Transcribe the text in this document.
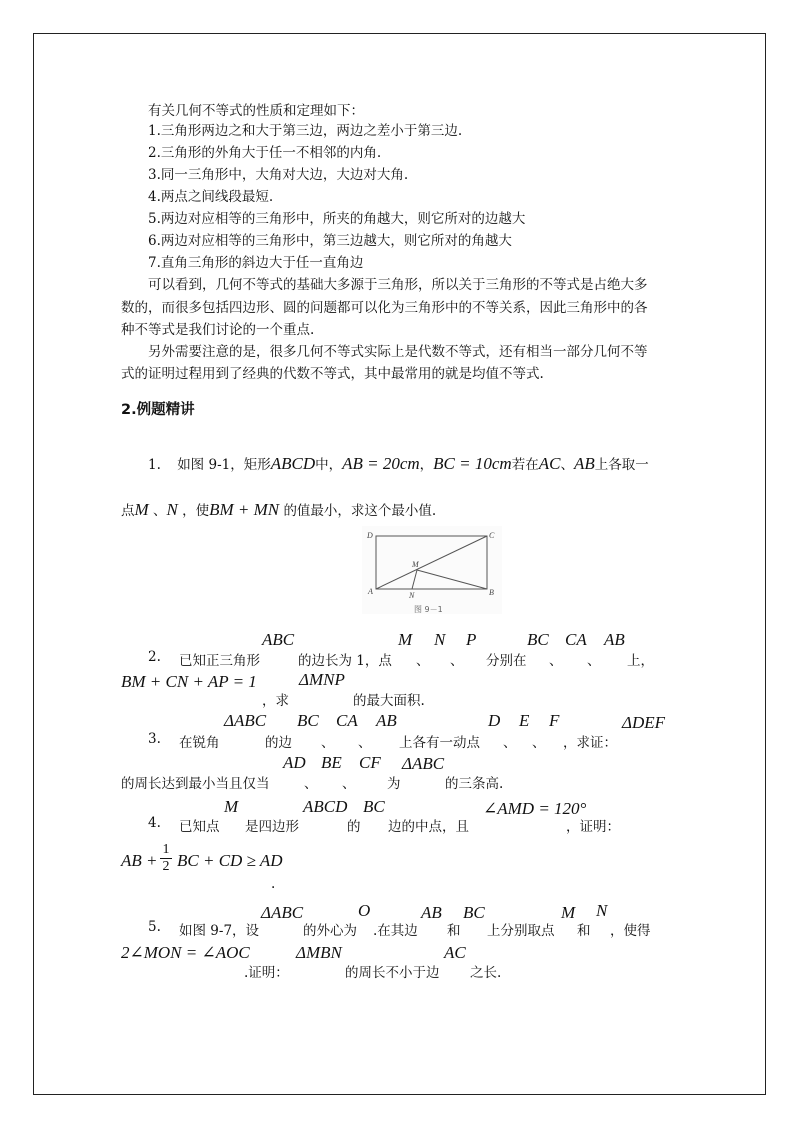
有关几何不等式的性质和定理如下：
1.三角形两边之和大于第三边，两边之差小于第三边.
2.三角形的外角大于任一不相邻的内角.
3.同一三角形中，大角对大边，大边对大角.
4.两点之间线段最短.
5.两边对应相等的三角形中，所夹的角越大，则它所对的边越大
6.两边对应相等的三角形中，第三边越大，则它所对的角越大
7.直角三角形的斜边大于任一直角边
可以看到，几何不等式的基础大多源于三角形，所以关于三角形的不等式是占绝大多
数的，而很多包括四边形、圆的问题都可以化为三角形中的不等关系，因此三角形中的各
种不等式是我们讨论的一个重点.
另外需要注意的是，很多几何不等式实际上是代数不等式，还有相当一部分几何不等
式的证明过程用到了经典的代数不等式，其中最常用的就是均值不等式.
2.例题精讲
1. 如图 9-1，矩形ABCD中，AB = 20cm，BC = 10cm若在AC、AB上各取一
点M 、N ，使BM + MN 的值最小，求这个最小值.
D	C
M
A	N	B
图 9－1
2. 已知正三角形
ABC
的边长为 1，点
M
、
N
、
P
分别在
BC
、
CA
、
AB
上，
BM + CN + AP = 1
，求
ΔMNP
的最大面积.
3. 在锐角
ΔABC
的边
BC
、
CA
、
AB
上各有一动点
D
、
E
、
F
，求证：
ΔDEF
的周长达到最小当且仅当
AD
、
BE
、
CF
为
ΔABC
的三条高.
4. 已知点
M
是四边形
ABCD
的
BC
边的中点，且
∠AMD = 120°
，证明：
AB +
1
2 BC + CD ≥ AD
.
5. 如图 9-7，设
ΔABC
的外心为
O
.在其边
AB
和
BC
上分别取点
M
和
N
，使得
2∠MON = ∠AOC
.证明：
ΔMBN
的周长不小于边
AC
之长.
